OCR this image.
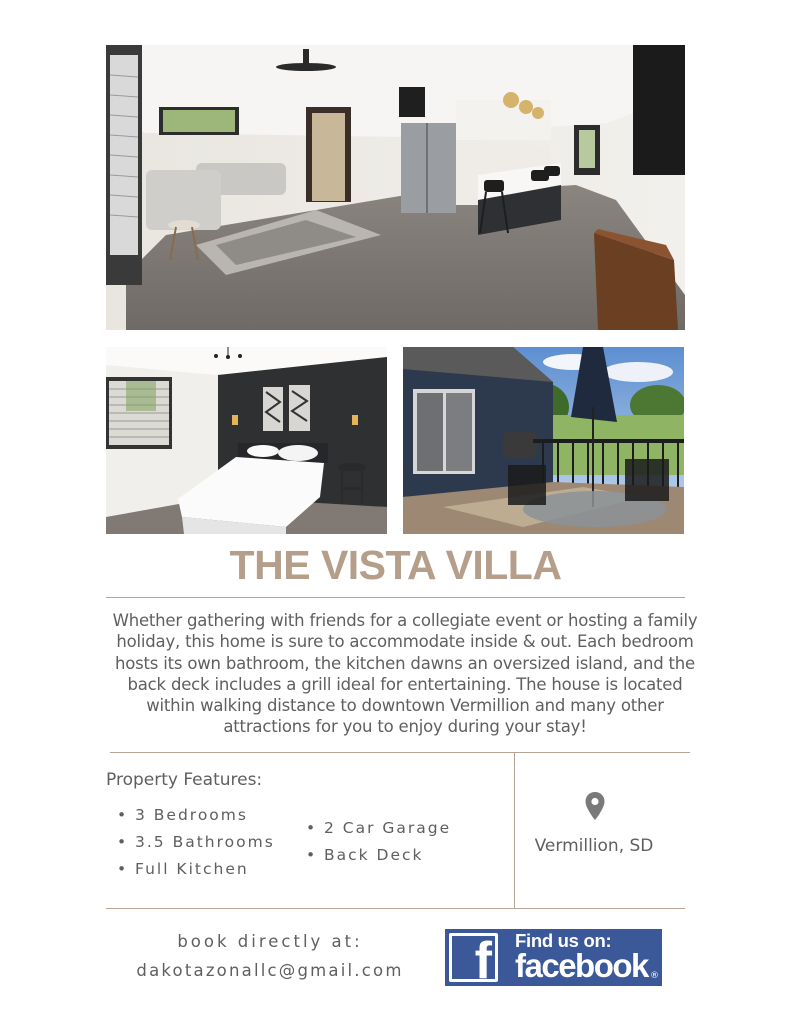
THE VISTA VILLA
Whether gathering with friends for a collegiate event or hosting a family holiday, this home is sure to accommodate inside & out. Each bedroom hosts its own bathroom, the kitchen dawns an oversized island, and the back deck includes a grill ideal for entertaining. The house is located within walking distance to downtown Vermillion and many other attractions for you to enjoy during your stay!
Property Features:
• 3 Bedrooms
• 3.5 Bathrooms
• Full Kitchen
• 2 Car Garage
• Back Deck	Vermillion, SD
book directly at:
dakotazonallc@gmail.com	f Find us on:
facebook ®
